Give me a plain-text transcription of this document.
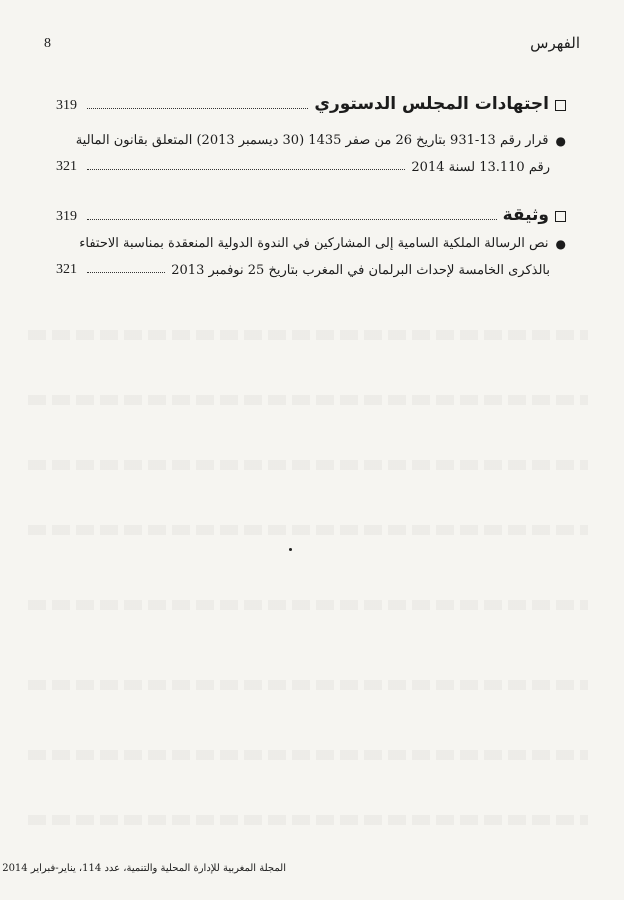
الفهرس
8
اجتهادات المجلس الدستوري
319
●
قرار رقم 13-931 بتاريخ 26 من صفر 1435 (30 ديسمبر 2013) المتعلق بقانون المالية
رقم 13.110 لسنة 2014
321
وثيقة
319
●
نص الرسالة الملكية السامية إلى المشاركين في الندوة الدولية المنعقدة بمناسبة الاحتفاء
بالذكرى الخامسة لإحداث البرلمان في المغرب بتاريخ 25 نوفمبر 2013
321
المجلة المغربية للإدارة المحلية والتنمية، عدد 114، يناير-فبراير 2014
